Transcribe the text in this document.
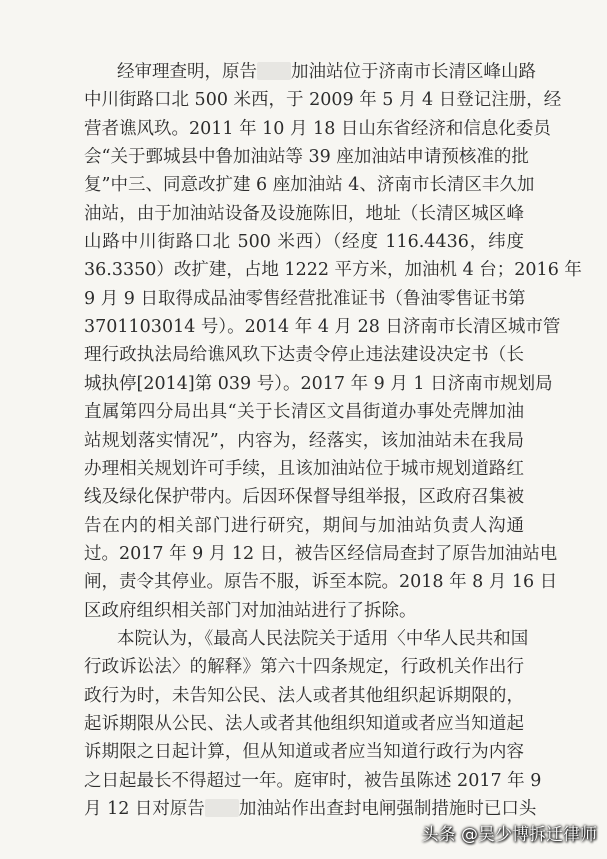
经审理查明，原告 加油站位于济南市长清区峰山路
中川街路口北 500 米西，于 2009 年 5 月 4 日登记注册，经
营者谯风玖。2011 年 10 月 18 日山东省经济和信息化委员
会“关于鄄城县中鲁加油站等 39 座加油站申请预核准的批
复”中三、同意改扩建 6 座加油站 4、济南市长清区丰久加
油站，由于加油站设备及设施陈旧，地址（长清区城区峰
山路中川街路口北 500 米西）（经度 116.4436，纬度
36.3350）改扩建，占地 1222 平方米，加油机 4 台；2016 年
9 月 9 日取得成品油零售经营批准证书（鲁油零售证书第
3701103014 号）。2014 年 4 月 28 日济南市长清区城市管
理行政执法局给谯风玖下达责令停止违法建设决定书（长
城执停[2014]第 039 号）。2017 年 9 月 1 日济南市规划局
直属第四分局出具“关于长清区文昌街道办事处壳牌加油
站规划落实情况”，内容为，经落实，该加油站未在我局
办理相关规划许可手续，且该加油站位于城市规划道路红
线及绿化保护带内。后因环保督导组举报，区政府召集被
告在内的相关部门进行研究，期间与加油站负责人沟通
过。2017 年 9 月 12 日，被告区经信局查封了原告加油站电
闸，责令其停业。原告不服，诉至本院。2018 年 8 月 16 日
区政府组织相关部门对加油站进行了拆除。
本院认为，《最高人民法院关于适用〈中华人民共和国
行政诉讼法〉的解释》第六十四条规定，行政机关作出行
政行为时，未告知公民、法人或者其他组织起诉期限的，
起诉期限从公民、法人或者其他组织知道或者应当知道起
诉期限之日起计算，但从知道或者应当知道行政行为内容
之日起最长不得超过一年。庭审时，被告虽陈述 2017 年 9
月 12 日对原告 加油站作出查封电闸强制措施时已口头
头条 @吴少博拆迁律师
